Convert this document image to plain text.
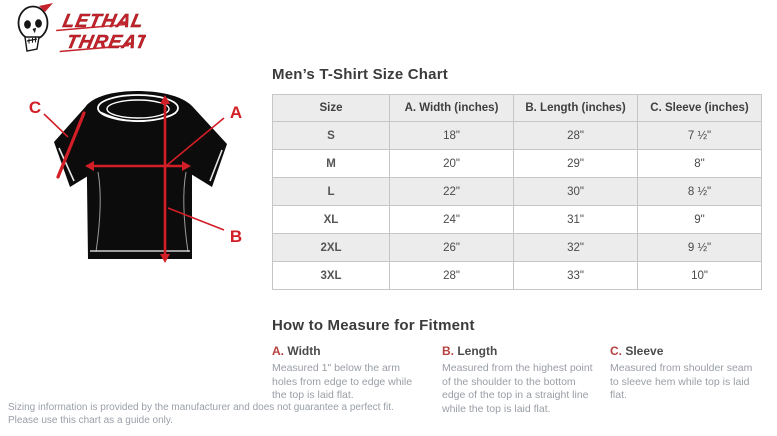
LETHAL
THREAT
C	A
B
Men’s T-Shirt Size Chart
Size	A. Width (inches)	B. Length (inches)	C. Sleeve (inches)
S	18"	28"	7 ½"
M	20"	29"	8"
L	22"	30"	8 ½"
XL	24"	31"	9"
2XL	26"	32"	9 ½"
3XL	28"	33"	10"
How to Measure for Fitment
A. Width
Measured 1" below the arm holes from edge to edge while the top is laid flat.
B. Length
Measured from the highest point of the shoulder to the bottom edge of the top in a straight line while the top is laid flat.
C. Sleeve
Measured from shoulder seam to sleeve hem while top is laid flat.
Sizing information is provided by the manufacturer and does not guarantee a perfect fit.
Please use this chart as a guide only.
